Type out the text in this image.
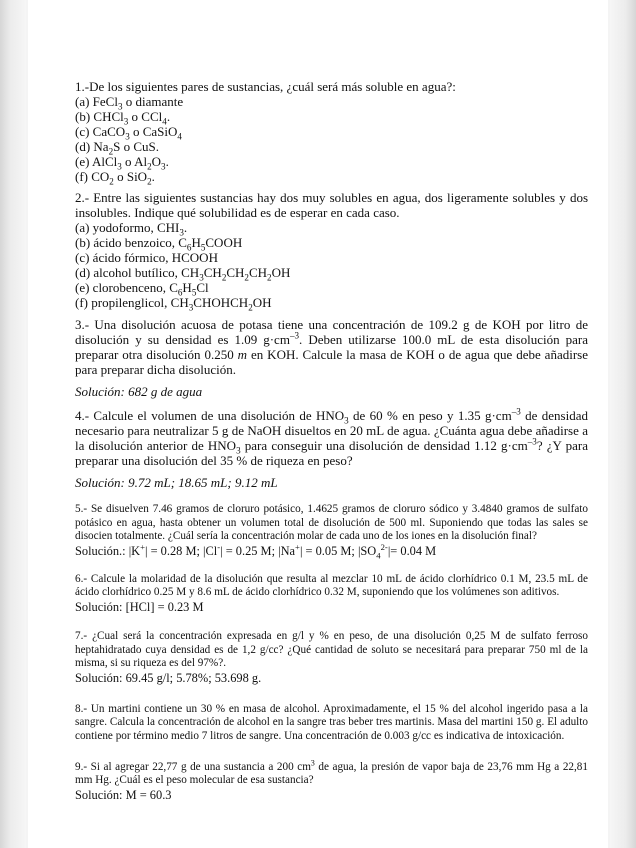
1.-De los siguientes pares de sustancias, ¿cuál será más soluble en agua?:

(a) FeCl$_3$ o diamante

(b) CHCl$_3$ o CCl$_4$.

(c) CaCO$_3$ o CaSiO$_4$

(d) $Na_2S$ o CuS.

(e) AlCl$_3$ o $Al_2O_3$.

(f) $CO_2$ o SiO$_2$.

2.- Entre las siguientes sustancias hay dos muy solubles en agua, dos ligeramente solubles y dos insolubles. Indique qué solubilidad es de esperar en cada caso.

(a) yodoformo, $CHI_3$.

(b) ácido benzoico, $C_6H_5COOH$

(c) ácido fórmico, HCOOH

(d) alcohol butílico, $CH_3CH_2CH_2CH_2OH$

(e) clorobenceno, $C_6H_5Cl$

(f) propilenglicol, $CH_3CHOHCH_2OH$

3.- Una disolución acuosa de potasa tiene una concentración de 109.2 g de KOH por litro de disolución y su densidad es 1.09 $g\cdot cm^{-3}$. Deben utilizarse 100.0 mL de esta disolución para preparar otra disolución 0.250 m en KOH. Calcule la masa de KOH o de agua que debe añadirse para preparar dicha disolución.

Solución: 682 g de agua

4.- Calcule el volumen de una disolución de $HNO_3$ de 60 % en peso y 1.35 $g\cdot cm^{-3}$ de densidad necesario para neutralizar 5 g de NaOH disueltos en 20 mL de agua. ¿Cuánta agua debe añadirse a la disolución anterior de $HNO_3$ para conseguir una disolución de densidad 1.12 $g\cdot cm^{-3}$? ¿Y para preparar una disolución del 35 % de riqueza en peso?

Solución: 9.72 mL; 18.65 mL; 9.12 mL

5.- Se disuelven 7.46 gramos de cloruro potásico, 1.4625 gramos de cloruro sódico y 3.4840 gramos de sulfato potásico en agua, hasta obtener un volumen total de disolución de 500 ml. Suponiendo que todas las sales se disocien totalmente. ¿Cuál sería la concentración molar de cada uno de los iones en la disolución final?

Solución.: |K+| = 0.28 M; |Cl-| = 0.25 M; |Na+| = 0.05 M; $|SO_4^{2-}|= 0.04$ M

6.- Calcule la molaridad de la disolución que resulta al mezclar 10 mL de ácido clorhídrico 0.1 M, 23.5 mL de ácido clorhídrico 0.25 M y 8.6 mL de ácido clorhídrico 0.32 M, suponiendo que los volúmenes son aditivos.

Solución: [HCl] = 0.23 M

7.- ¿Cual será la concentración expresada en g/l y % en peso, de una disolución 0,25 M de sulfato ferroso heptahidratado cuya densidad es de 1,2 g/cc? ¿Qué cantidad de soluto se necesitará para preparar 750 ml de la misma, si su riqueza es del 97%?.

Solución: 69.45 g/l; 5.78%; 53.698 g.

8.- Un martini contiene un 30 % en masa de alcohol. Aproximadamente, el 15 % del alcohol ingerido pasa a la sangre. Calcula la concentración de alcohol en la sangre tras beber tres martinis. Masa del martini 150 g. El adulto contiene por término medio 7 litros de sangre. Una concentración de 0.003 g/cc es indicativa de intoxicación.

9.- Si al agregar 22,77 g de una sustancia a 200 $cm^3$ de agua, la presión de vapor baja de 23,76 mm Hg a 22,81 mm Hg. ¿Cuál es el peso molecular de esa sustancia?

Solución: M = 60.3
